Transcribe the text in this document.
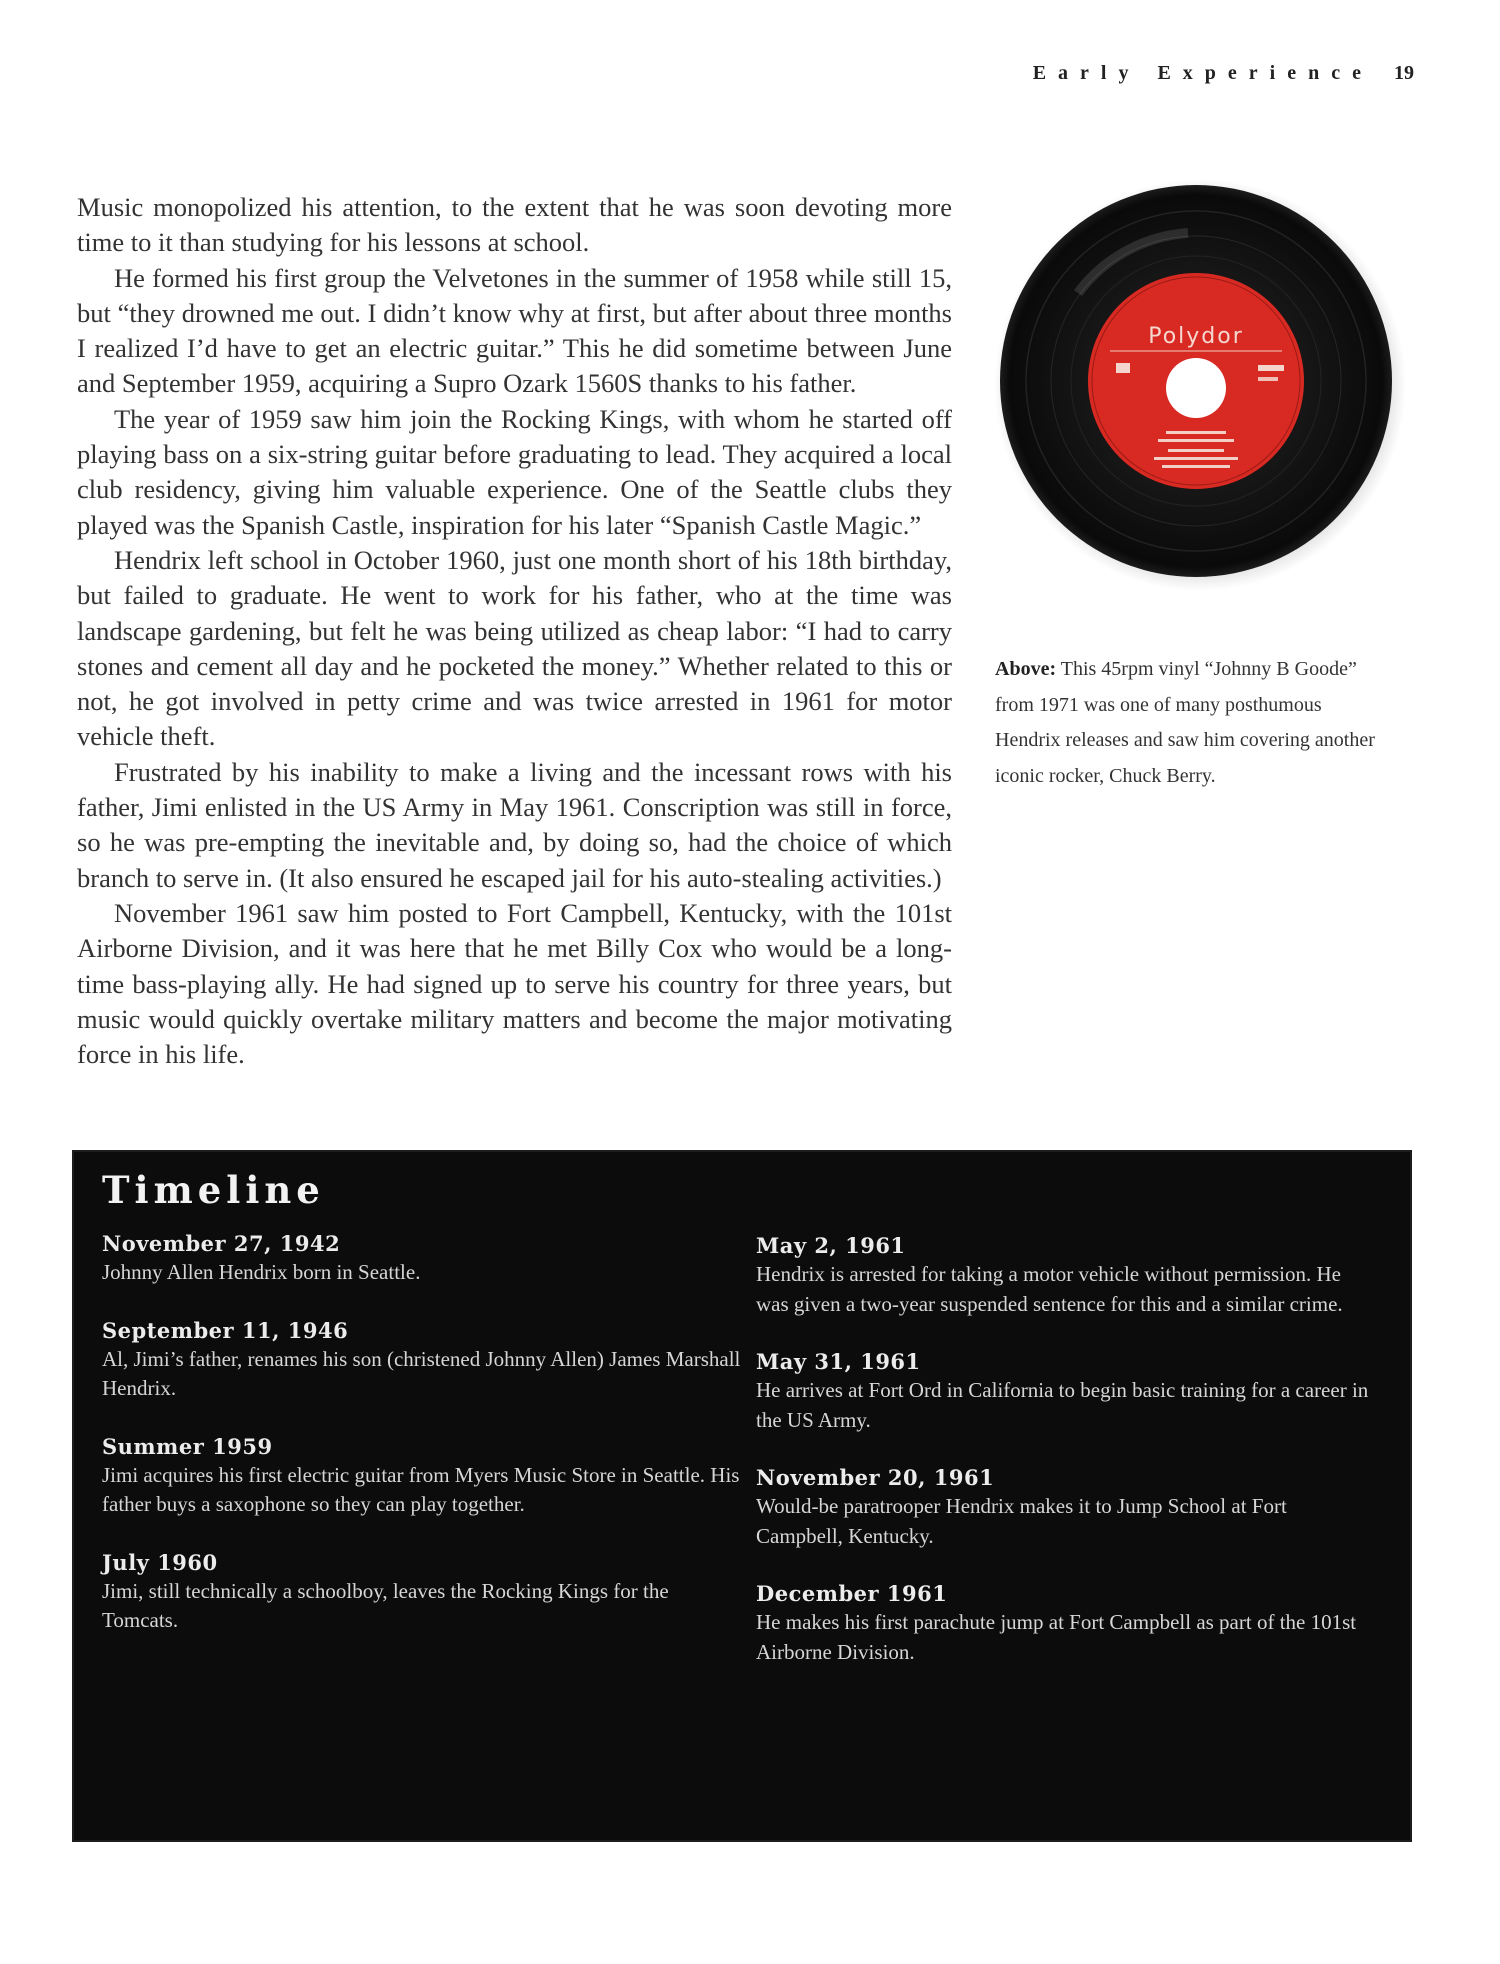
Early Experience 19

Music monopolized his attention, to the extent that he was soon devoting more time to it than studying for his lessons at school.

He formed his first group the Velvetones in the summer of 1958 while still 15, but “they drowned me out. I didn’t know why at first, but after about three months I realized I’d have to get an electric guitar.” This he did sometime between June and September 1959, acquiring a Supro Ozark 1560S thanks to his father.

The year of 1959 saw him join the Rocking Kings, with whom he started off playing bass on a six-string guitar before graduating to lead. They acquired a local club residency, giving him valuable experience. One of the Seattle clubs they played was the Spanish Castle, inspiration for his later “Spanish Castle Magic.”

Hendrix left school in October 1960, just one month short of his 18th birthday, but failed to graduate. He went to work for his father, who at the time was landscape gardening, but felt he was being utilized as cheap labor: “I had to carry stones and cement all day and he pocketed the money.” Whether related to this or not, he got involved in petty crime and was twice arrested in 1961 for motor vehicle theft.

Frustrated by his inability to make a living and the incessant rows with his father, Jimi enlisted in the US Army in May 1961. Conscription was still in force, so he was pre-empting the inevitable and, by doing so, had the choice of which branch to serve in. (It also ensured he escaped jail for his auto-stealing activities.)

November 1961 saw him posted to Fort Campbell, Kentucky, with the 101st Airborne Division, and it was here that he met Billy Cox who would be a long-time bass-playing ally. He had signed up to serve his country for three years, but music would quickly overtake military matters and become the major motivating force in his life.

Polydor
Above: This 45rpm vinyl “Johnny B Goode” from 1971 was one of many posthumous Hendrix releases and saw him covering another iconic rocker, Chuck Berry.
Timeline
November 27, 1942
Johnny Allen Hendrix born in Seattle.
September 11, 1946
Al, Jimi’s father, renames his son (christened Johnny Allen) James Marshall Hendrix.
Summer 1959
Jimi acquires his first electric guitar from Myers Music Store in Seattle. His father buys a saxophone so they can play together.
July 1960
Jimi, still technically a schoolboy, leaves the Rocking Kings for the Tomcats.
May 2, 1961
Hendrix is arrested for taking a motor vehicle without permission. He was given a two-year suspended sentence for this and a similar crime.
May 31, 1961
He arrives at Fort Ord in California to begin basic training for a career in the US Army.
November 20, 1961
Would-be paratrooper Hendrix makes it to Jump School at Fort Campbell, Kentucky.
December 1961
He makes his first parachute jump at Fort Campbell as part of the 101st Airborne Division.
